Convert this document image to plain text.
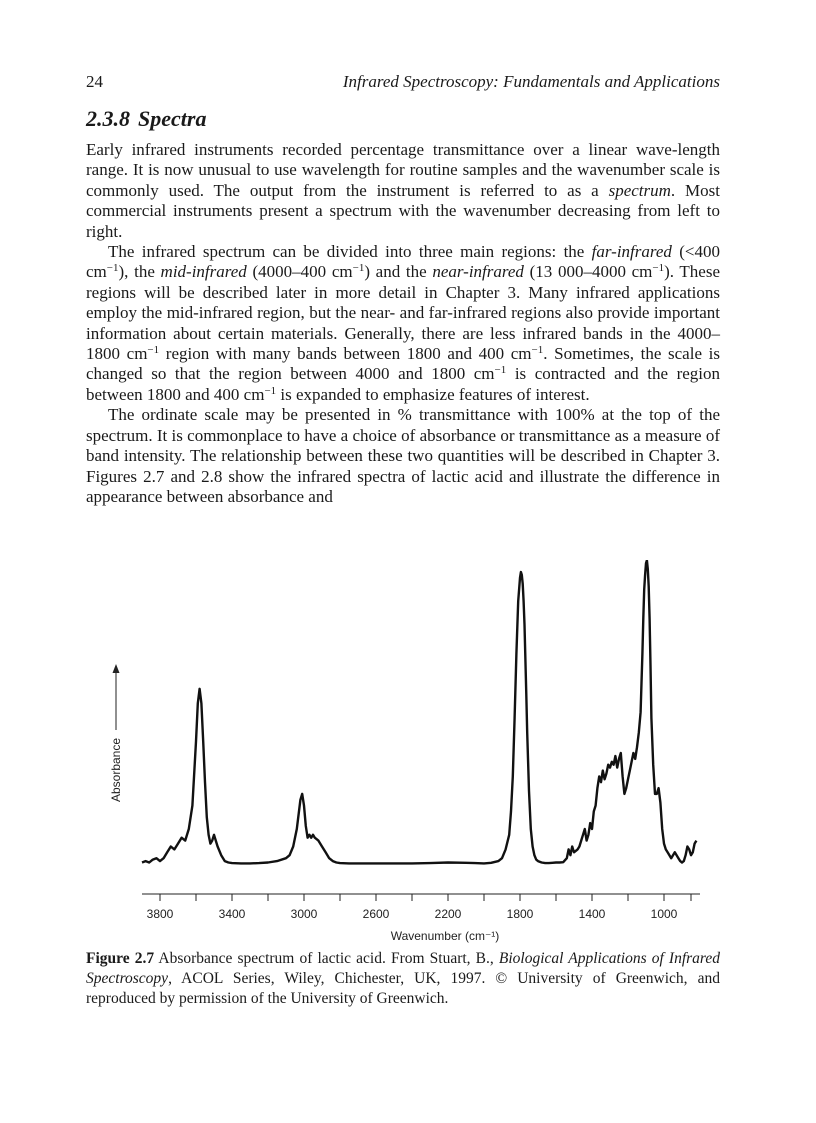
24	Infrared Spectroscopy: Fundamentals and Applications
2.3.8 Spectra

Early infrared instruments recorded percentage transmittance over a linear wave-length range. It is now unusual to use wavelength for routine samples and the wavenumber scale is commonly used. The output from the instrument is referred to as a spectrum. Most commercial instruments present a spectrum with the wavenumber decreasing from left to right.

The infrared spectrum can be divided into three main regions: the far-infrared (<400 $cm^{-1}$), the mid-infrared (4000–400 $cm^{-1}$) and the near-infrared (13 000–4000 $cm^{-1}$). These regions will be described later in more detail in Chapter 3. Many infrared applications employ the mid-infrared region, but the near- and far-infrared regions also provide important information about certain materials. Generally, there are less infrared bands in the 4000–1800 $cm^{-1}$ region with many bands between 1800 and 400 $cm^{-1}$. Sometimes, the scale is changed so that the region between 4000 and 1800 $cm^{-1}$ is contracted and the region between 1800 and 400 $cm^{-1}$ is expanded to emphasize features of interest.

The ordinate scale may be presented in % transmittance with 100% at the top of the spectrum. It is commonplace to have a choice of absorbance or transmittance as a measure of band intensity. The relationship between these two quantities will be described in Chapter 3. Figures 2.7 and 2.8 show the infrared spectra of lactic acid and illustrate the difference in appearance between absorbance and

3800	3400	3000	2600	2200	1800	1400	1000
Wavenumber (cm⁻¹)
Absorbance

Figure 2.7 Absorbance spectrum of lactic acid. From Stuart, B., Biological Applications of Infrared Spectroscopy, ACOL Series, Wiley, Chichester, UK, 1997. © University of Greenwich, and reproduced by permission of the University of Greenwich.
